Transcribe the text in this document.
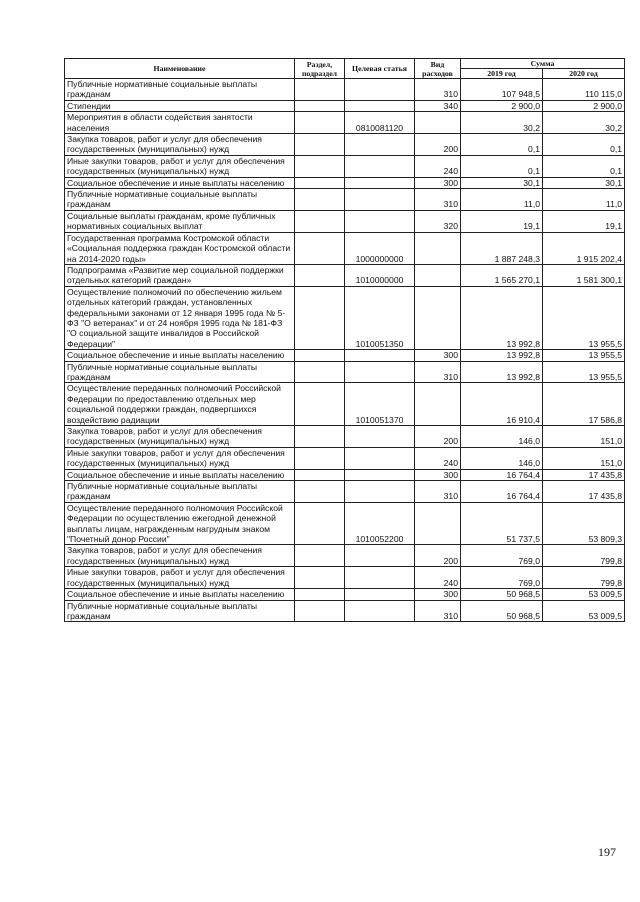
Наименование	Раздел, подраздел	Целевая статья	Вид расходов	Сумма	
				2019 год	2020 год
Публичные нормативные социальные выплаты гражданам			310	107 948,5	110 115,0
Стипендии			340	2 900,0	2 900,0
Мероприятия в области содействия занятости населения		0810081120		30,2	30,2
Закупка товаров, работ и услуг для обеспечения государственных (муниципальных) нужд			200	0,1	0,1
Иные закупки товаров, работ и услуг для обеспечения государственных (муниципальных) нужд			240	0,1	0,1
Социальное обеспечение и иные выплаты населению			300	30,1	30,1
Публичные нормативные социальные выплаты гражданам			310	11,0	11,0
Социальные выплаты гражданам, кроме публичных нормативных социальных выплат			320	19,1	19,1
Государственная программа Костромской области «Социальная поддержка граждан Костромской области на 2014-2020 годы»		1000000000		1 887 248,3	1 915 202,4
Подпрограмма «Развитие мер социальной поддержки отдельных категорий граждан»		1010000000		1 565 270,1	1 581 300,1
Осуществление полномочий по обеспечению жильем отдельных категорий граждан, установленных федеральными законами от 12 января 1995 года № 5-ФЗ "О ветеранах" и от 24 ноября 1995 года № 181-ФЗ "О социальной защите инвалидов в Российской Федерации"		1010051350		13 992,8	13 955,5
Социальное обеспечение и иные выплаты населению			300	13 992,8	13 955,5
Публичные нормативные социальные выплаты гражданам			310	13 992,8	13 955,5
Осуществление переданных полномочий Российской Федерации по предоставлению отдельных мер социальной поддержки граждан, подвергшихся воздействию радиации		1010051370		16 910,4	17 586,8
Закупка товаров, работ и услуг для обеспечения государственных (муниципальных) нужд			200	146,0	151,0
Иные закупки товаров, работ и услуг для обеспечения государственных (муниципальных) нужд			240	146,0	151,0
Социальное обеспечение и иные выплаты населению			300	16 764,4	17 435,8
Публичные нормативные социальные выплаты гражданам			310	16 764,4	17 435,8
Осуществление переданного полномочия Российской Федерации по осуществлению ежегодной денежной выплаты лицам, награжденным нагрудным знаком "Почетный донор России"		1010052200		51 737,5	53 809,3
Закупка товаров, работ и услуг для обеспечения государственных (муниципальных) нужд			200	769,0	799,8
Иные закупки товаров, работ и услуг для обеспечения государственных (муниципальных) нужд			240	769,0	799,8
Социальное обеспечение и иные выплаты населению			300	50 968,5	53 009,5
Публичные нормативные социальные выплаты гражданам			310	50 968,5	53 009,5
197
